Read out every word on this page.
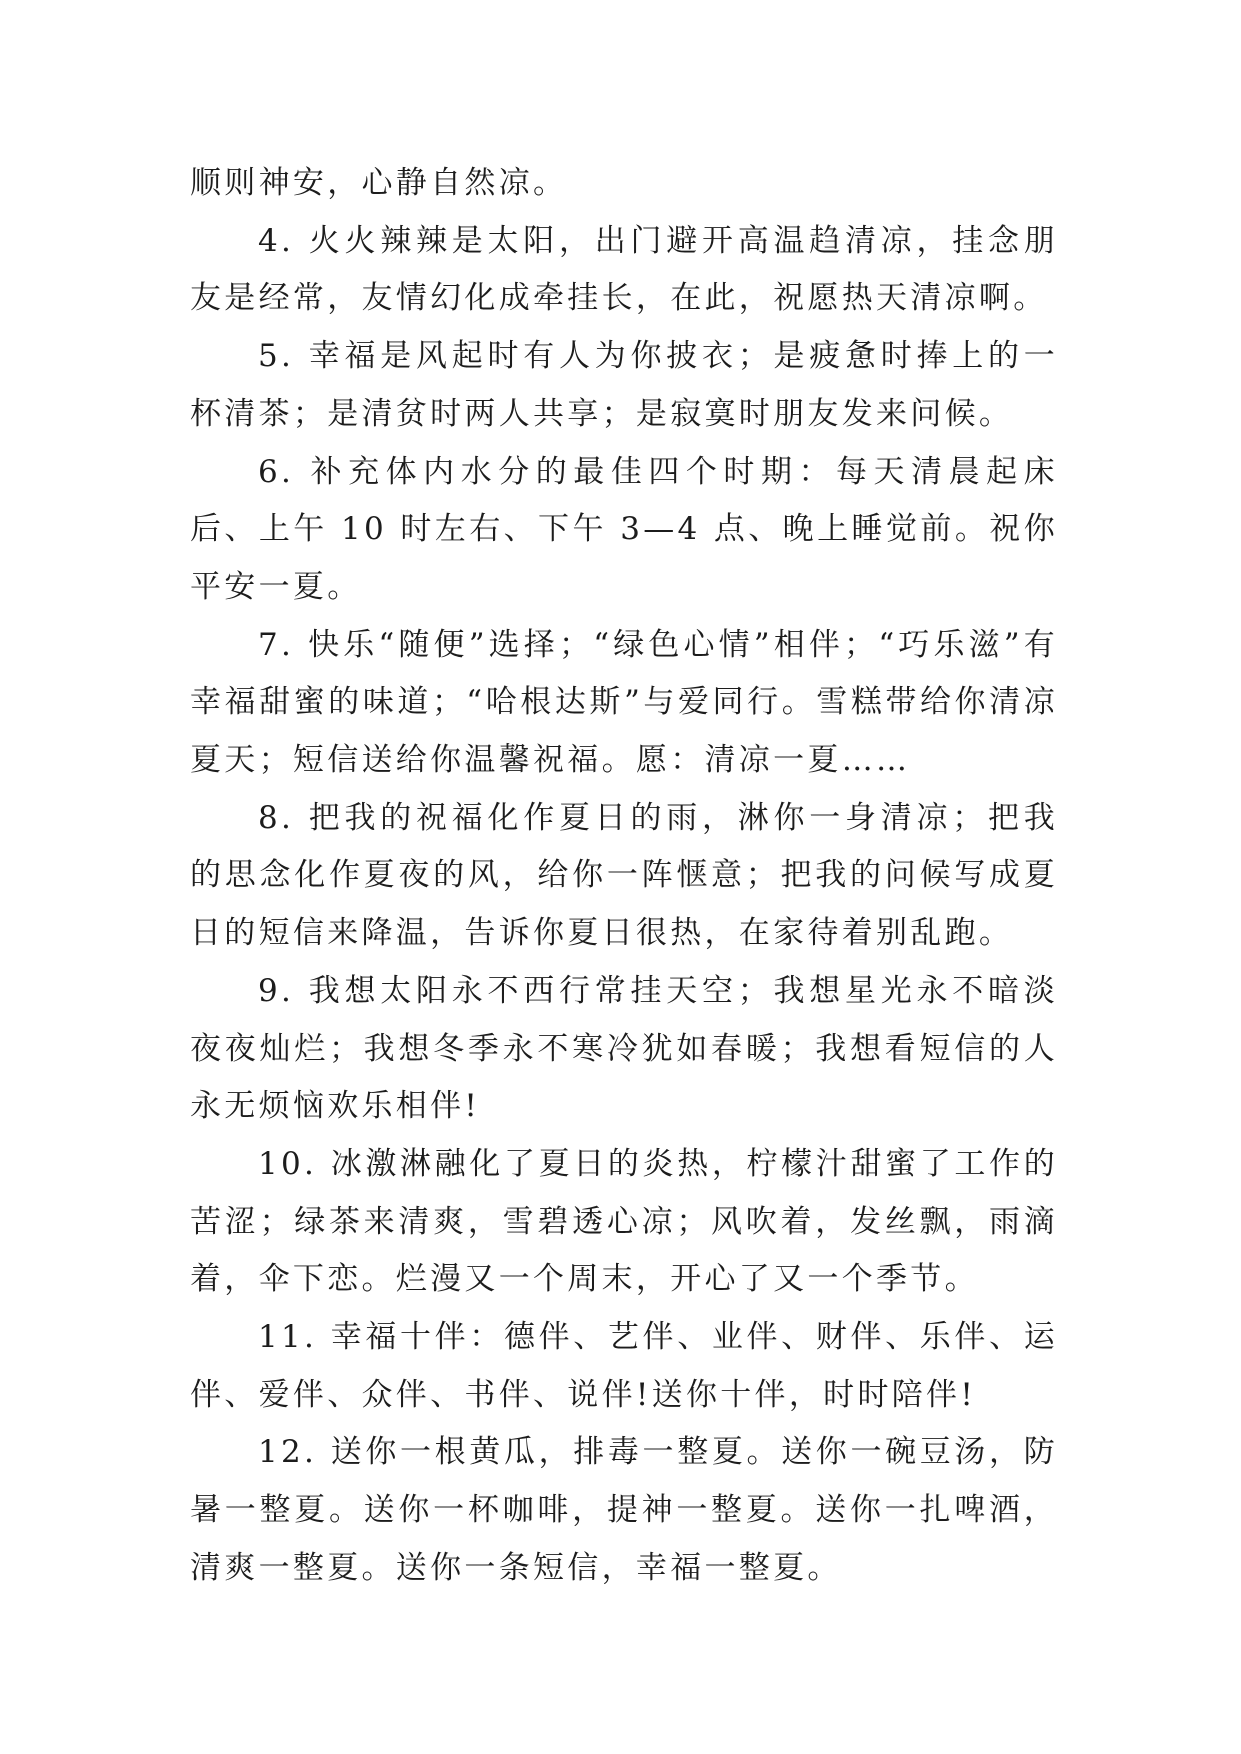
顺则神安，心静自然凉。

4. 火火辣辣是太阳，出门避开高温趋清凉，挂念朋友是经常，友情幻化成牵挂长，在此，祝愿热天清凉啊。

5. 幸福是风起时有人为你披衣；是疲惫时捧上的一杯清茶；是清贫时两人共享；是寂寞时朋友发来问候。

6. 补充体内水分的最佳四个时期：每天清晨起床后、上午 10 时左右、下午 3—4 点、晚上睡觉前。祝你平安一夏。

7. 快乐“随便”选择；“绿色心情”相伴；“巧乐滋”有幸福甜蜜的味道；“哈根达斯”与爱同行。雪糕带给你清凉夏天；短信送给你温馨祝福。愿：清凉一夏……

8. 把我的祝福化作夏日的雨，淋你一身清凉；把我的思念化作夏夜的风，给你一阵惬意；把我的问候写成夏日的短信来降温，告诉你夏日很热，在家待着别乱跑。

9. 我想太阳永不西行常挂天空；我想星光永不暗淡夜夜灿烂；我想冬季永不寒冷犹如春暖；我想看短信的人永无烦恼欢乐相伴!

10. 冰激淋融化了夏日的炎热，柠檬汁甜蜜了工作的苦涩；绿茶来清爽，雪碧透心凉；风吹着，发丝飘，雨滴着，伞下恋。烂漫又一个周末，开心了又一个季节。

11. 幸福十伴：德伴、艺伴、业伴、财伴、乐伴、运伴、爱伴、众伴、书伴、说伴!送你十伴，时时陪伴!

12. 送你一根黄瓜，排毒一整夏。送你一碗豆汤，防暑一整夏。送你一杯咖啡，提神一整夏。送你一扎啤酒，清爽一整夏。送你一条短信，幸福一整夏。
